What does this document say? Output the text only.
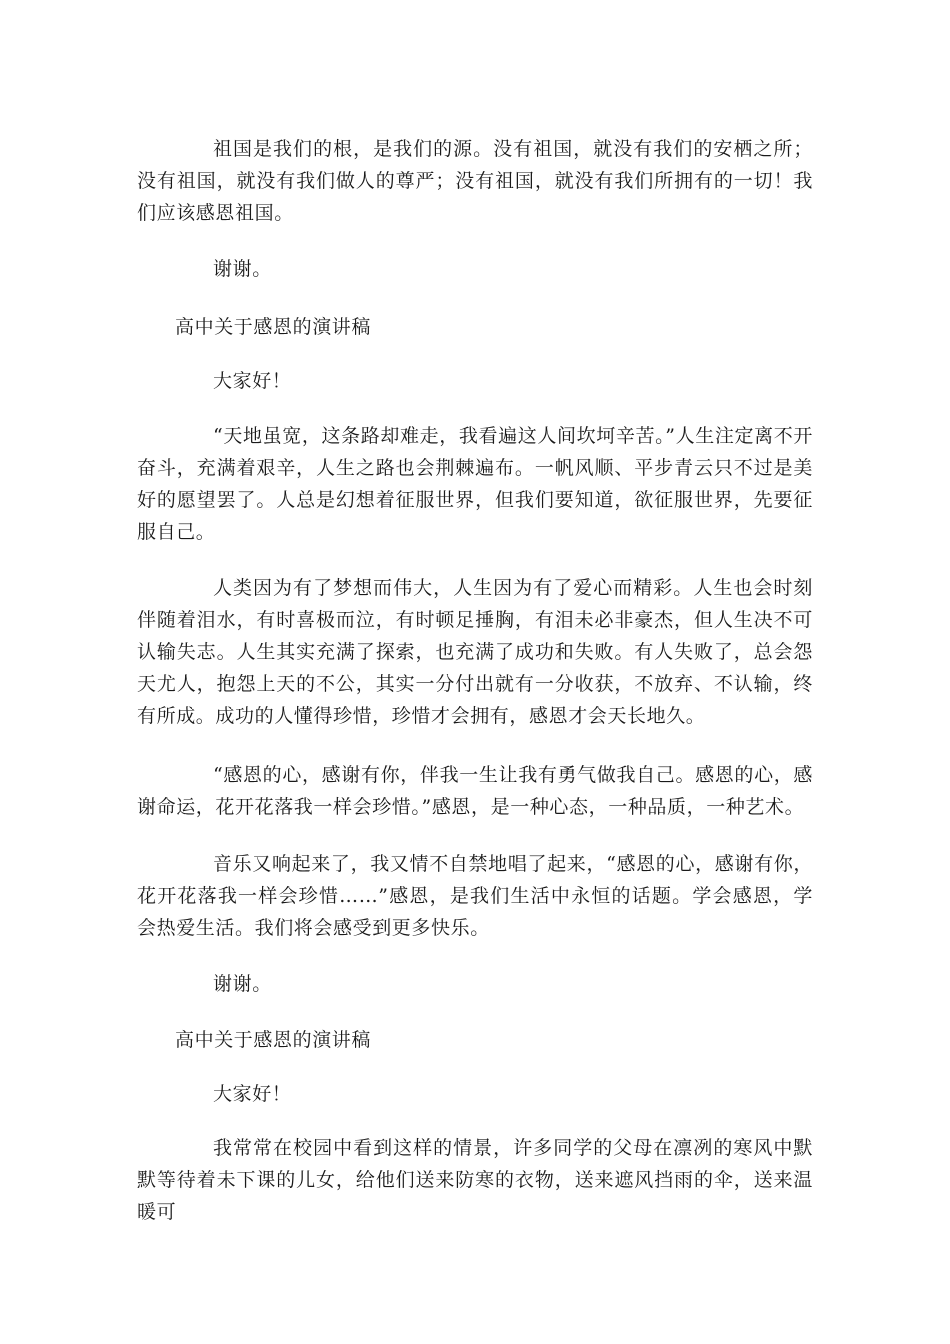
祖国是我们的根，是我们的源。没有祖国，就没有我们的安栖之所；没有祖国，就没有我们做人的尊严；没有祖国，就没有我们所拥有的一切！我们应该感恩祖国。

谢谢。

高中关于感恩的演讲稿

大家好！

“天地虽宽，这条路却难走，我看遍这人间坎坷辛苦。”人生注定离不开奋斗，充满着艰辛，人生之路也会荆棘遍布。一帆风顺、平步青云只不过是美好的愿望罢了。人总是幻想着征服世界，但我们要知道，欲征服世界，先要征服自己。

人类因为有了梦想而伟大，人生因为有了爱心而精彩。人生也会时刻伴随着泪水，有时喜极而泣，有时顿足捶胸，有泪未必非豪杰，但人生决不可认输失志。人生其实充满了探索，也充满了成功和失败。有人失败了，总会怨天尤人，抱怨上天的不公，其实一分付出就有一分收获，不放弃、不认输，终有所成。成功的人懂得珍惜，珍惜才会拥有，感恩才会天长地久。

“感恩的心，感谢有你，伴我一生让我有勇气做我自己。感恩的心，感谢命运，花开花落我一样会珍惜。”感恩，是一种心态，一种品质，一种艺术。

音乐又响起来了，我又情不自禁地唱了起来，“感恩的心，感谢有你，花开花落我一样会珍惜……”感恩，是我们生活中永恒的话题。学会感恩，学会热爱生活。我们将会感受到更多快乐。

谢谢。

高中关于感恩的演讲稿

大家好！

我常常在校园中看到这样的情景，许多同学的父母在凛冽的寒风中默默等待着未下课的儿女，给他们送来防寒的衣物，送来遮风挡雨的伞，送来温暖可
